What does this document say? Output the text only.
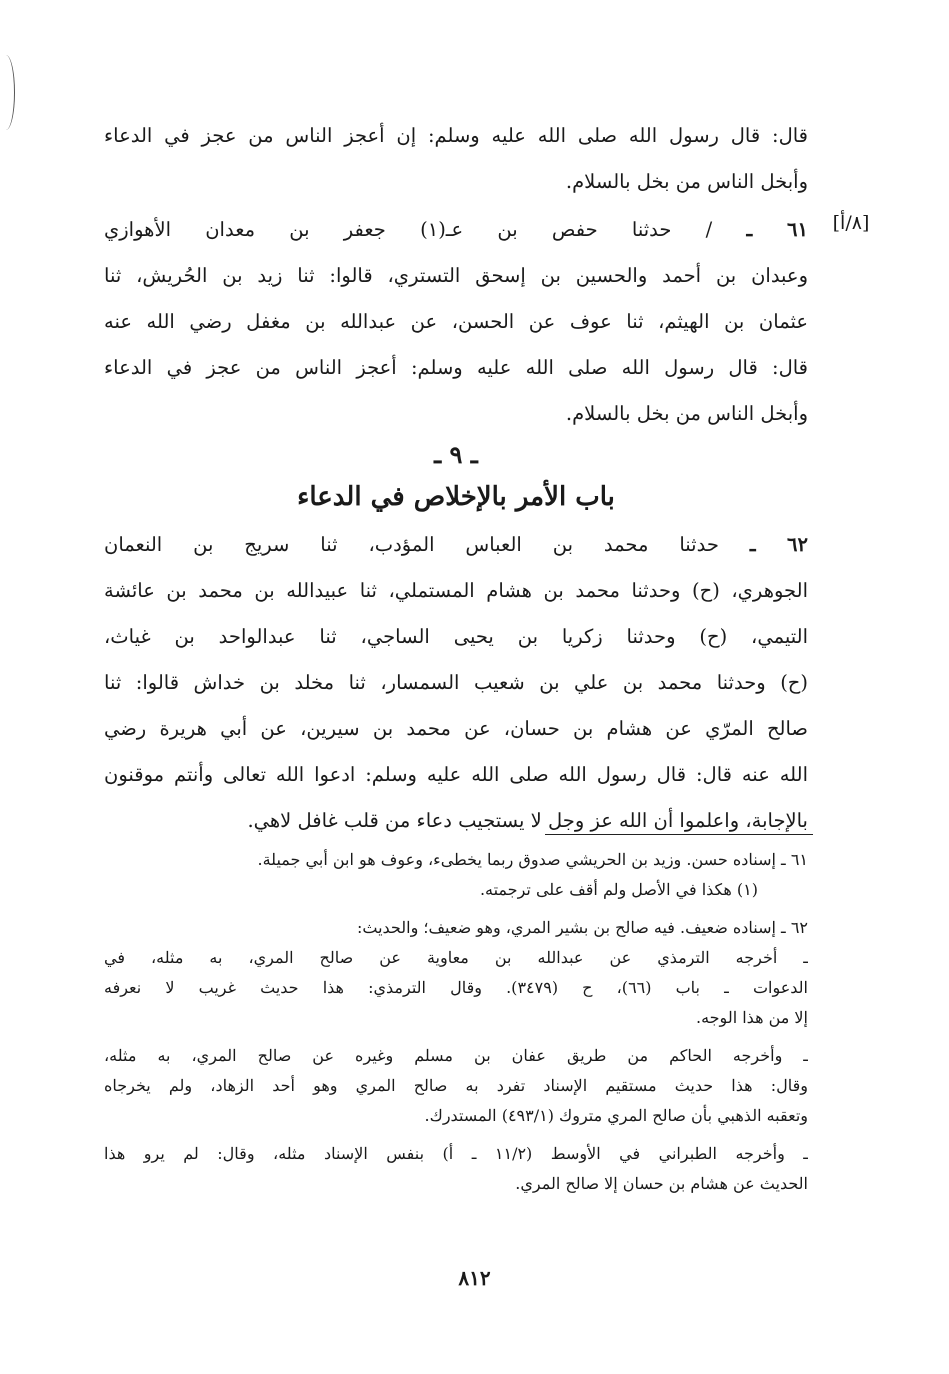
[٨/أ]
قال: قال رسول الله صلى الله عليه وسلم: إن أعجز الناس من عجز في الدعاء
وأبخل الناس من بخل بالسلام.
٦١ ـ / حدثنا حفص بن عـ(١) جعفر بن معدان الأهوازي
وعبدان بن أحمد والحسين بن إسحق التستري، قالوا: ثنا زيد بن الحُريش، ثنا
عثمان بن الهيثم، ثنا عوف عن الحسن، عن عبدالله بن مغفل رضي الله عنه
قال: قال رسول الله صلى الله عليه وسلم: أعجز الناس من عجز في الدعاء
وأبخل الناس من بخل بالسلام.
ـ ٩ ـ
باب الأمر بالإخلاص في الدعاء
٦٢ ـ حدثنا محمد بن العباس المؤدب، ثنا سريج بن النعمان
الجوهري، (ح) وحدثنا محمد بن هشام المستملي، ثنا عبيدالله بن محمد بن عائشة
التيمي، (ح) وحدثنا زكريا بن يحيى الساجي، ثنا عبدالواحد بن غياث،
(ح) وحدثنا محمد بن علي بن شعيب السمسار، ثنا مخلد بن خداش قالوا: ثنا
صالح المرّي عن هشام بن حسان، عن محمد بن سيرين، عن أبي هريرة رضي
الله عنه قال: قال رسول الله صلى الله عليه وسلم: ادعوا الله تعالى وأنتم موقنون
بالإجابة، واعلموا أن الله عز وجل لا يستجيب دعاء من قلب غافل لاهي.
٦١ ـ إسناده حسن. وزيد بن الحريشي صدوق ربما يخطىء، وعوف هو ابن أبي جميلة.
(١) هكذا في الأصل ولم أقف على ترجمته.
٦٢ ـ إسناده ضعيف. فيه صالح بن بشير المري، وهو ضعيف؛ والحديث:
ـ أخرجه الترمذي عن عبدالله بن معاوية عن صالح المري، به مثله، في
الدعوات ـ باب (٦٦)، ح (٣٤٧٩). وقال الترمذي: هذا حديث غريب لا نعرفه
إلا من هذا الوجه.
ـ وأخرجه الحاكم من طريق عفان بن مسلم وغيره عن صالح المري، به مثله،
وقال: هذا حديث مستقيم الإسناد تفرد به صالح المري وهو أحد الزهاد، ولم يخرجاه
وتعقبه الذهبي بأن صالح المري متروك (٤٩٣/١) المستدرك.
ـ وأخرجه الطبراني في الأوسط (١١/٢ ـ أ) بنفس الإسناد مثله، وقال: لم يرو هذا
الحديث عن هشام بن حسان إلا صالح المري.
٨١٢
